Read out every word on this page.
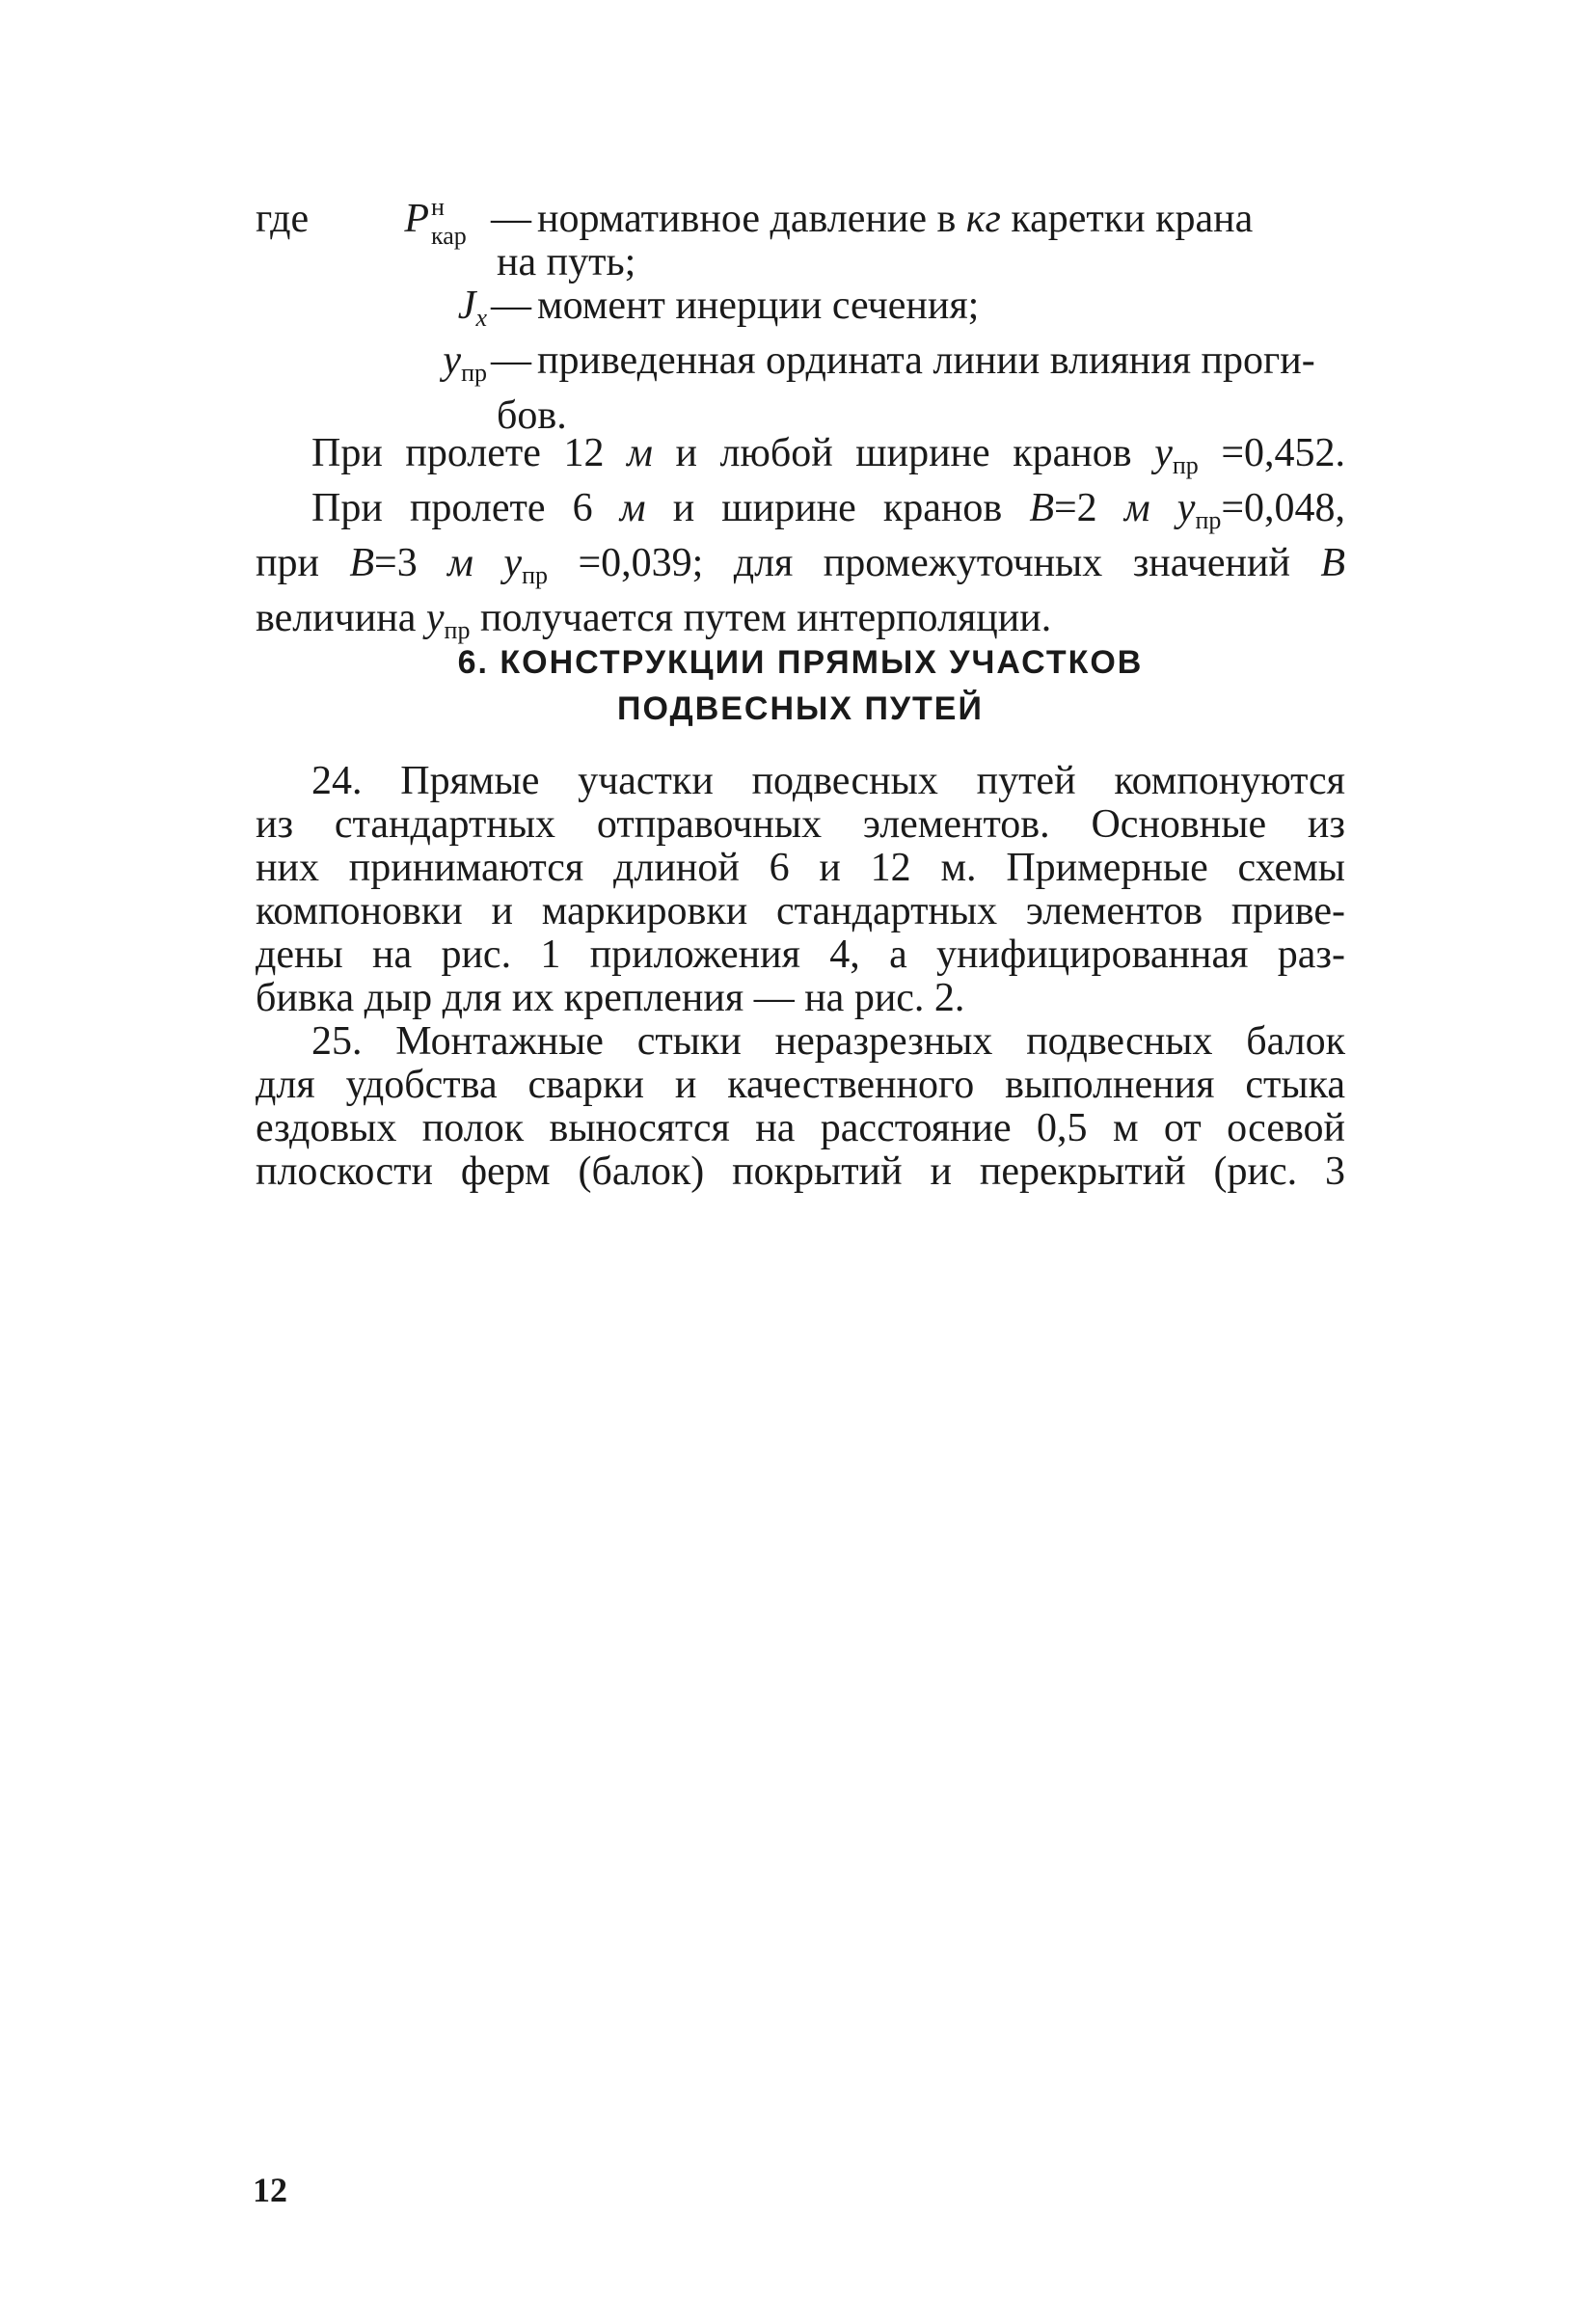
где P н
кар — нормативное давление в кг каретки крана
на путь;
$J_x$ — момент инерции сечения;
$y_{пр}$ — приведенная ордината линии влияния проги-
бов.
При пролете 12 м и любой ширине кранов $y_{пр} =0,452$.
При пролете 6 м и ширине кранов B=2 м $y_{пр}=0,048$,
при B=3 м $y_{пр} =0,039$; для промежуточных значений B
величина $y_{пр}$ получается путем интерполяции.
6. КОНСТРУКЦИИ ПРЯМЫХ УЧАСТКОВ
ПОДВЕСНЫХ ПУТЕЙ
24. Прямые участки подвесных путей компонуются
из стандартных отправочных элементов. Основные из
них принимаются длиной 6 и 12 м. Примерные схемы
компоновки и маркировки стандартных элементов приве-
дены на рис. 1 приложения 4, а унифицированная раз-
бивка дыр для их крепления — на рис. 2.
25. Монтажные стыки неразрезных подвесных балок
для удобства сварки и качественного выполнения стыка
ездовых полок выносятся на расстояние 0,5 м от осевой
плоскости ферм (балок) покрытий и перекрытий (рис. 3
12
